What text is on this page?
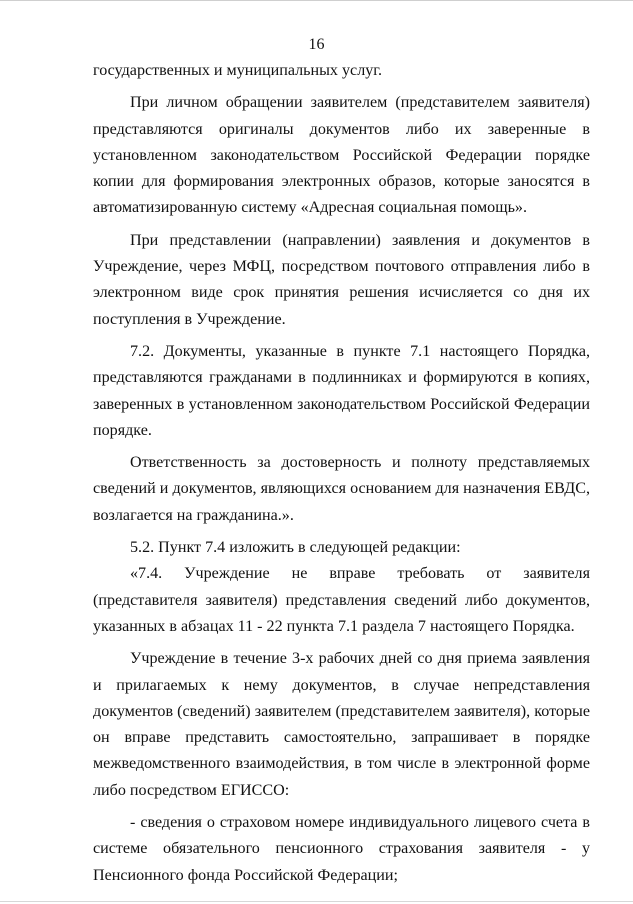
16

государственных и муниципальных услуг.

При личном обращении заявителем (представителем заявителя) представляются оригиналы документов либо их заверенные в установленном законодательством Российской Федерации порядке копии для формирования электронных образов, которые заносятся в автоматизированную систему «Адресная социальная помощь».

При представлении (направлении) заявления и документов в Учреждение, через МФЦ, посредством почтового отправления либо в электронном виде срок принятия решения исчисляется со дня их поступления в Учреждение.

7.2. Документы, указанные в пункте 7.1 настоящего Порядка, представляются гражданами в подлинниках и формируются в копиях, заверенных в установленном законодательством Российской Федерации порядке.

Ответственность за достоверность и полноту представляемых сведений и документов, являющихся основанием для назначения ЕВДС, возлагается на гражданина.».

5.2. Пункт 7.4 изложить в следующей редакции:

«7.4. Учреждение не вправе требовать от заявителя (представителя заявителя) представления сведений либо документов, указанных в абзацах 11 - 22 пункта 7.1 раздела 7 настоящего Порядка.

Учреждение в течение 3-х рабочих дней со дня приема заявления и прилагаемых к нему документов, в случае непредставления документов (сведений) заявителем (представителем заявителя), которые он вправе представить самостоятельно, запрашивает в порядке межведомственного взаимодействия, в том числе в электронной форме либо посредством ЕГИССО:

- сведения о страховом номере индивидуального лицевого счета в системе обязательного пенсионного страхования заявителя - у Пенсионного фонда Российской Федерации;
